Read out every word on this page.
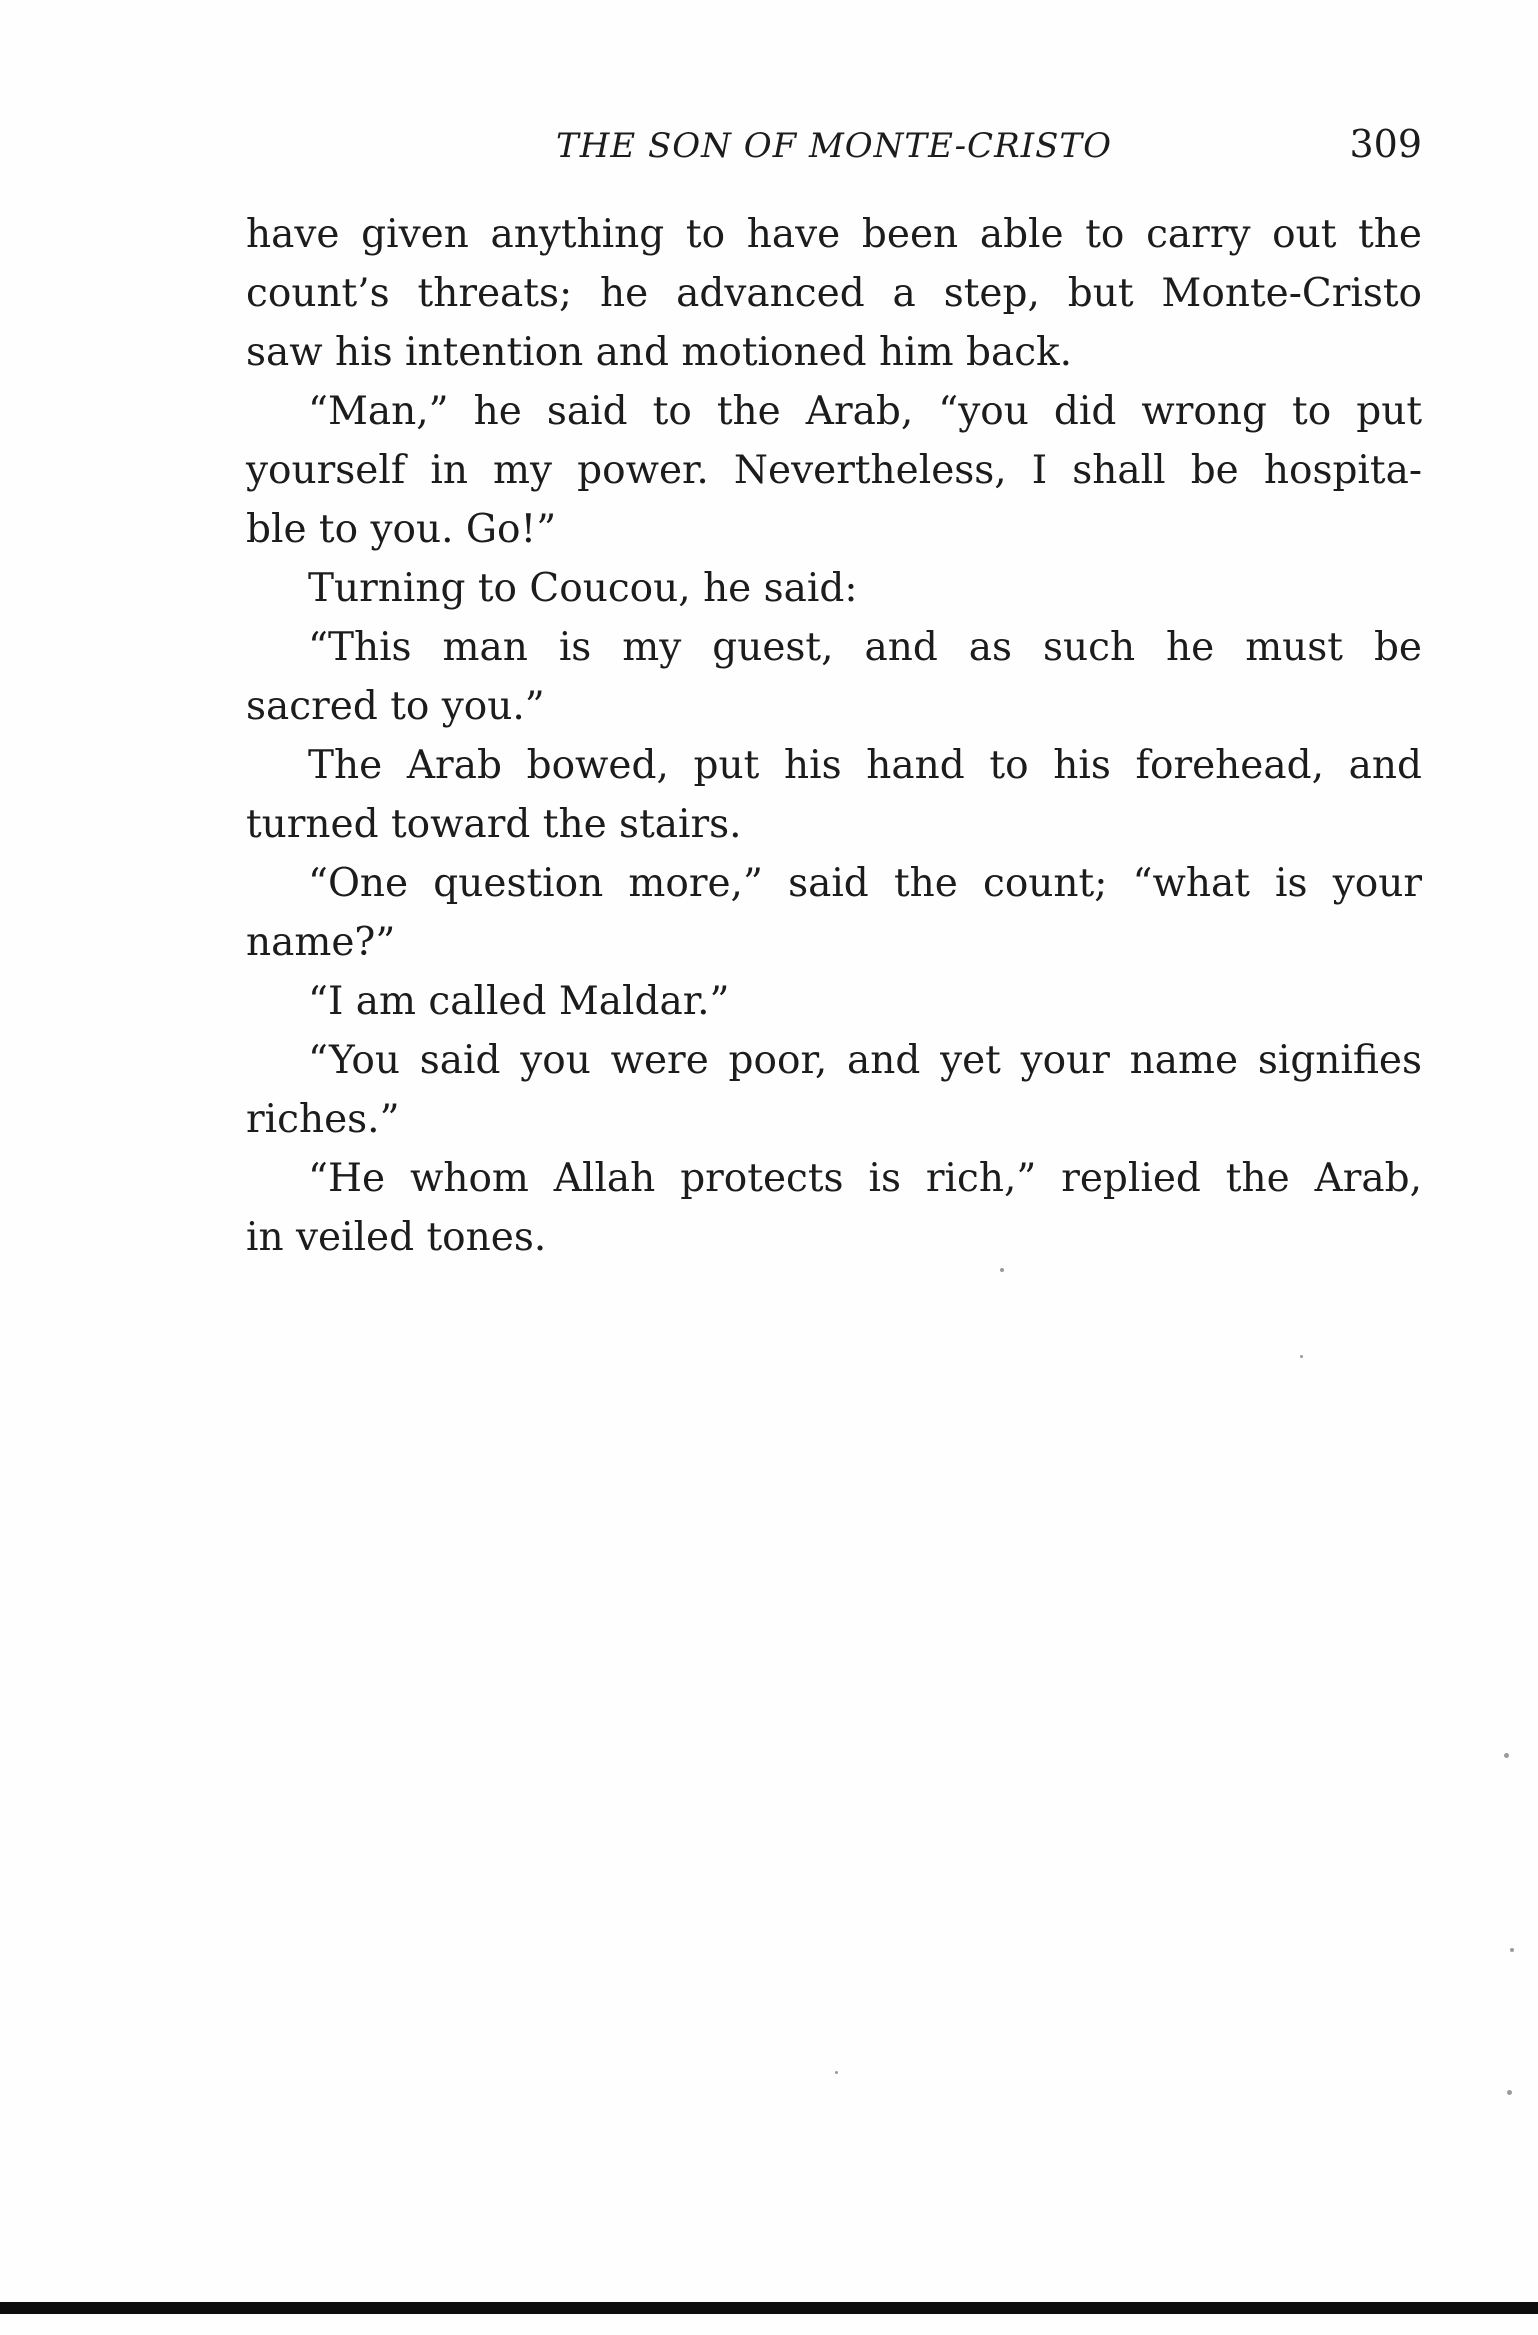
THE SON OF MONTE-CRISTO	309
have given anything to have been able to carry out the
count’s threats; he advanced a step, but Monte-Cristo
saw his intention and motioned him back.
“Man,” he said to the Arab, “you did wrong to put
yourself in my power. Nevertheless, I shall be hospita-
ble to you. Go!”
Turning to Coucou, he said:
“This man is my guest, and as such he must be
sacred to you.”
The Arab bowed, put his hand to his forehead, and
turned toward the stairs.
“One question more,” said the count; “what is your
name?”
“I am called Maldar.”
“You said you were poor, and yet your name signifies
riches.”
“He whom Allah protects is rich,” replied the Arab,
in veiled tones.
